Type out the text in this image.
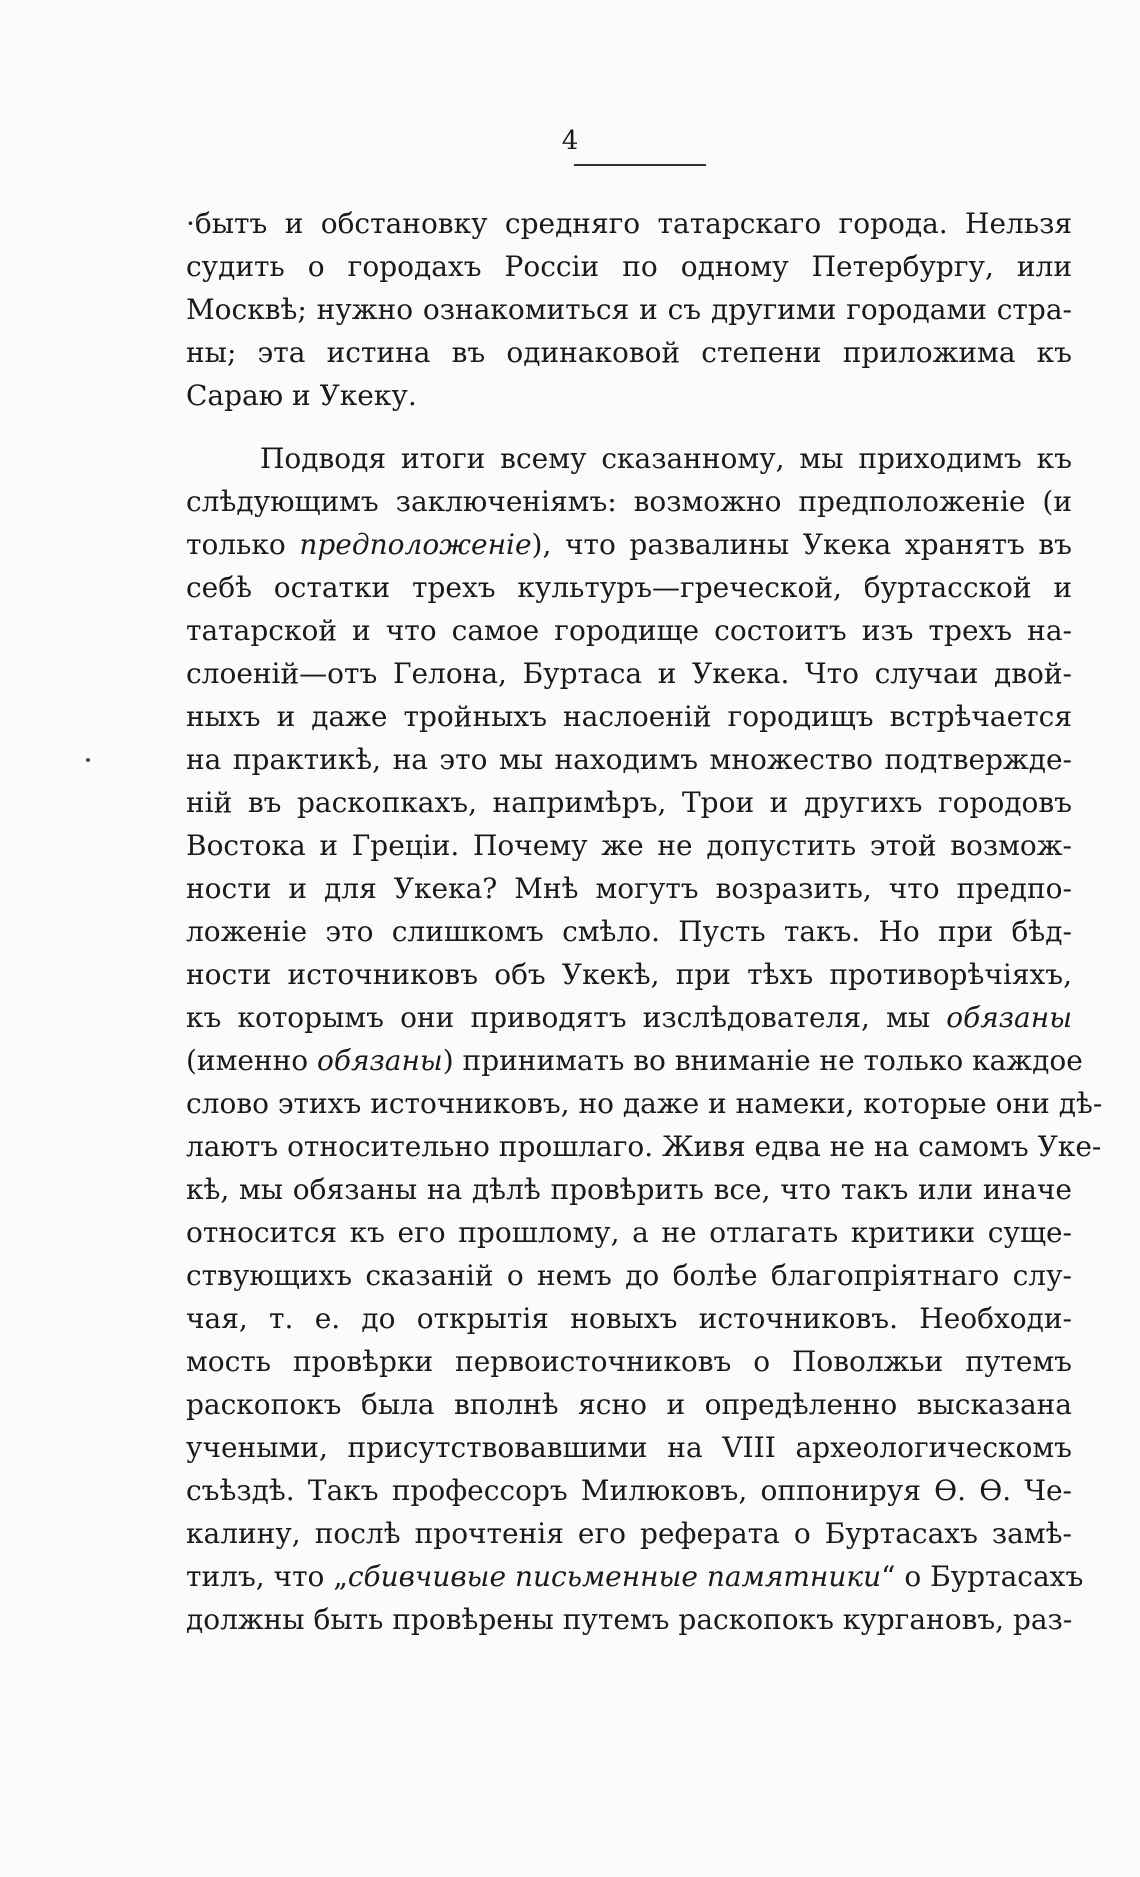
4
·бытъ и обстановку средняго татарскаго города. Нельзя
судить о городахъ Россіи по одному Петербургу, или
Москвѣ; нужно ознакомиться и съ другими городами стра-
ны; эта истина въ одинаковой степени приложима къ
Сараю и Укеку.
Подводя итоги всему сказанному, мы приходимъ къ
слѣдующимъ заключеніямъ: возможно предположеніе (и
только предположеніе), что развалины Укека хранятъ въ
себѣ остатки трехъ культуръ—греческой, буртасской и
татарской и что самое городище состоитъ изъ трехъ на-
слоеній—отъ Гелона, Буртаса и Укека. Что случаи двой-
ныхъ и даже тройныхъ наслоеній городищъ встрѣчается
на практикѣ, на это мы находимъ множество подтвержде-
ній въ раскопкахъ, напримѣръ, Трои и другихъ городовъ
Востока и Греціи. Почему же не допустить этой возмож-
ности и для Укека? Мнѣ могутъ возразить, что предпо-
ложеніе это слишкомъ смѣло. Пусть такъ. Но при бѣд-
ности источниковъ объ Укекѣ, при тѣхъ противорѣчіяхъ,
къ которымъ они приводятъ изслѣдователя, мы обязаны
(именно обязаны) принимать во вниманіе не только каждое
слово этихъ источниковъ, но даже и намеки, которые они дѣ-
лаютъ относительно прошлаго. Живя едва не на самомъ Уке-
кѣ, мы обязаны на дѣлѣ провѣрить все, что такъ или иначе
относится къ его прошлому, а не отлагать критики суще-
ствующихъ сказаній о немъ до болѣе благопріятнаго слу-
чая, т. е. до открытія новыхъ источниковъ. Необходи-
мость провѣрки первоисточниковъ о Поволжьи путемъ
раскопокъ была вполнѣ ясно и опредѣленно высказана
учеными, присутствовавшими на VIII археологическомъ
съѣздѣ. Такъ профессоръ Милюковъ, оппонируя Ѳ. Ѳ. Че-
калину, послѣ прочтенія его реферата о Буртасахъ замѣ-
тилъ, что „сбивчивые письменные памятники“ о Буртасахъ
должны быть провѣрены путемъ раскопокъ кургановъ, раз-
